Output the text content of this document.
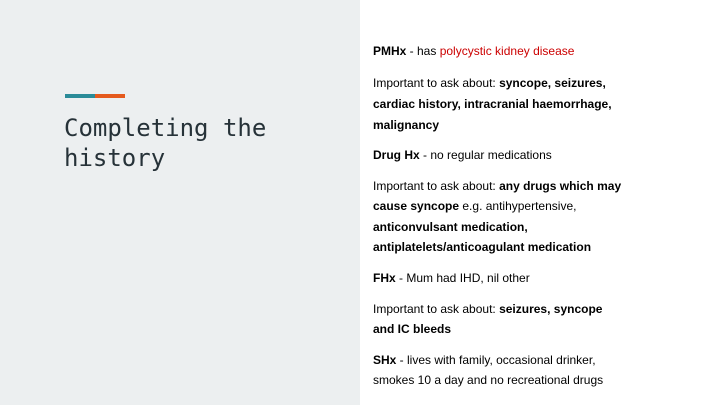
Completing the
history

PMHx - has polycystic kidney disease

Important to ask about: syncope, seizures,

cardiac history, intracranial haemorrhage,

malignancy

Drug Hx - no regular medications

Important to ask about: any drugs which may

cause syncope e.g. antihypertensive,

anticonvulsant medication,

antiplatelets/anticoagulant medication

FHx - Mum had IHD, nil other

Important to ask about: seizures, syncope

and IC bleeds

SHx - lives with family, occasional drinker,

smokes 10 a day and no recreational drugs
